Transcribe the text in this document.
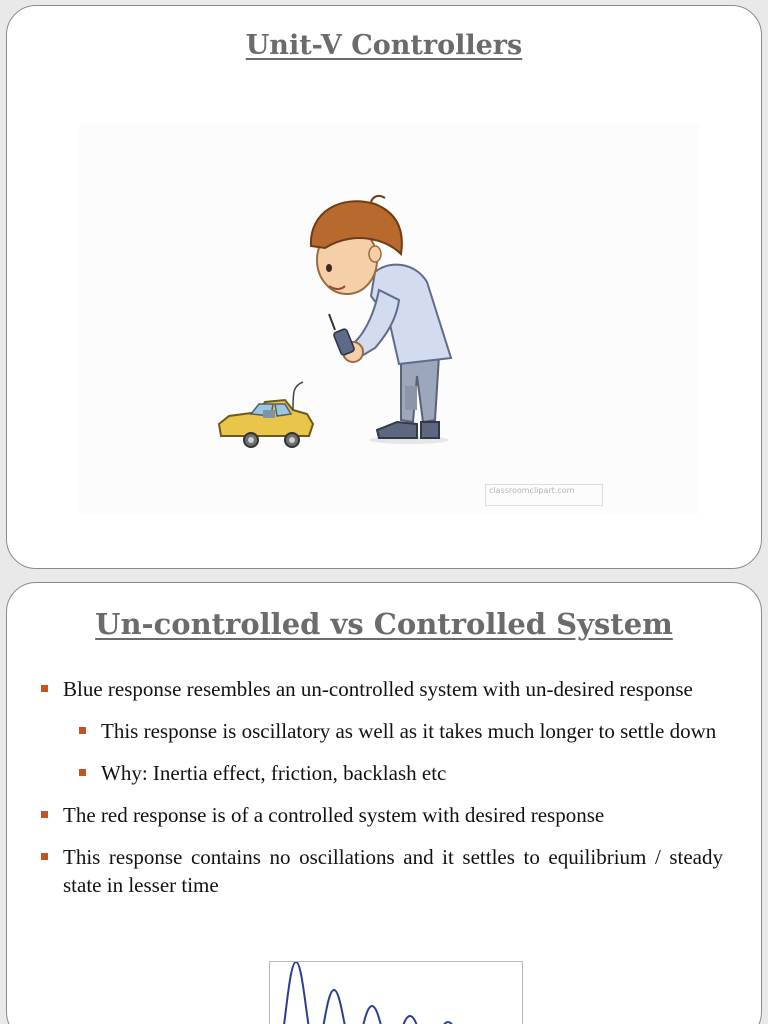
Unit-V Controllers
classroomclipart.com
Un-controlled vs Controlled System
Blue response resembles an un-controlled system with un-desired response
This response is oscillatory as well as it takes much longer to settle down
Why: Inertia effect, friction, backlash etc
The red response is of a controlled system with desired response
This response contains no oscillations and it settles to equilibrium / steady state in lesser time
